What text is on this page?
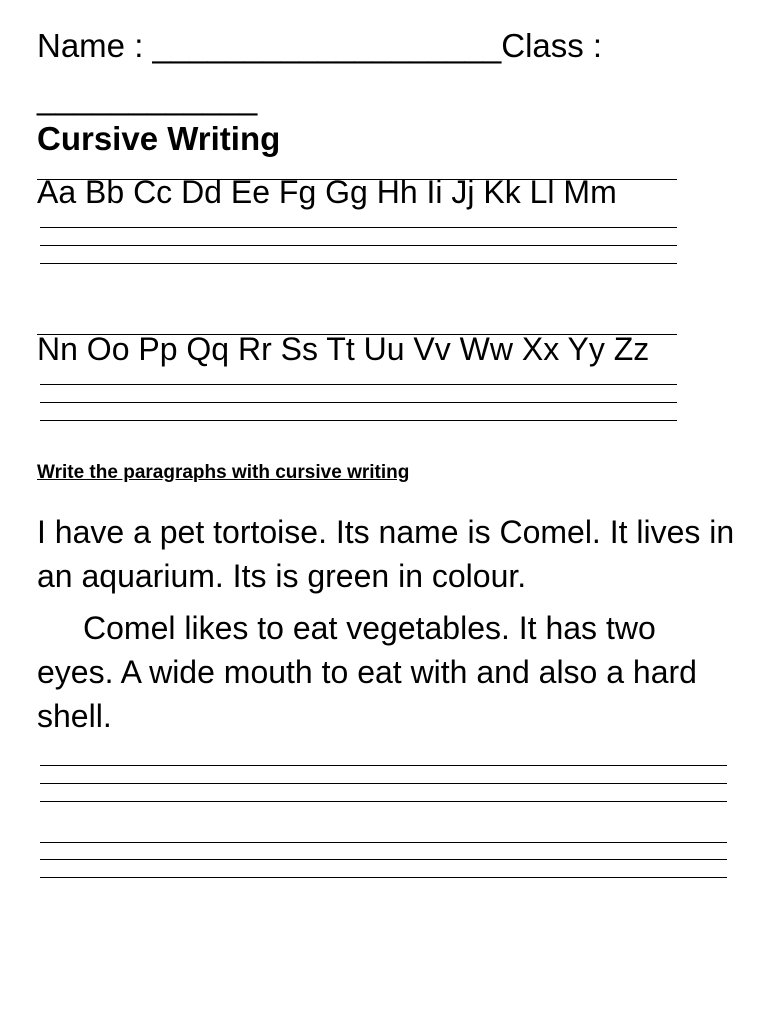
Name : ___________________Class :
____________
Cursive Writing
Aa Bb Cc Dd Ee Fg Gg Hh Ii Jj Kk Ll Mm
Nn Oo Pp Qq Rr Ss Tt Uu Vv Ww Xx Yy Zz
Write the paragraphs with cursive writing
I have a pet tortoise. Its name is Comel. It lives in an aquarium. Its is green in colour.
Comel likes to eat vegetables. It has two eyes. A wide mouth to eat with and also a hard shell.
